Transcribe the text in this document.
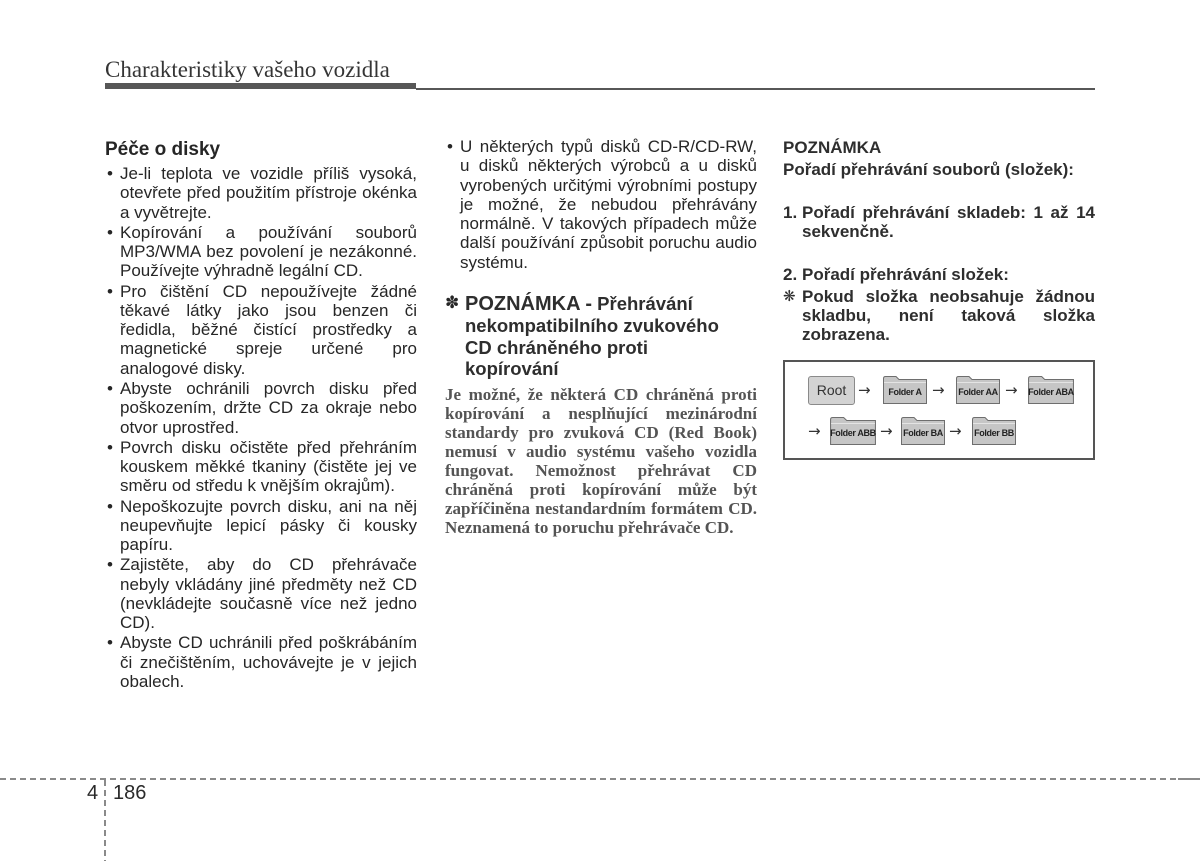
Charakteristiky vašeho vozidla
Péče o disky
• Je-li teplota ve vozidle příliš vysoká, otevřete před použitím přístroje okénka a vyvětrejte.
• Kopírování a používání souborů MP3/WMA bez povolení je nezákonné. Používejte výhradně legální CD.
• Pro čištění CD nepoužívejte žádné těkavé látky jako jsou benzen či ředidla, běžné čistící prostředky a magnetické spreje určené pro analogové disky.
• Abyste ochránili povrch disku před poškozením, držte CD za okraje nebo otvor uprostřed.
• Povrch disku očistěte před přehráním kouskem měkké tkaniny (čistěte jej ve směru od středu k vnějším okrajům).
• Nepoškozujte povrch disku, ani na něj neupevňujte lepicí pásky či kousky papíru.
• Zajistěte, aby do CD přehrávače nebyly vkládány jiné předměty než CD (nevkládejte současně více než jedno CD).
• Abyste CD uchránili před poškrábáním či znečištěním, uchovávejte je v jejich obalech.
• U některých typů disků CD-R/CD-RW, u disků některých výrobců a u disků vyrobených určitými výrobními postupy je možné, že nebudou přehrávány normálně. V takových případech může další používání způsobit poruchu audio systému.
✽ POZNÁMKA - Přehrávání nekompatibilního zvukového CD chráněného proti kopírování

Je možné, že některá CD chráněná proti kopírování a nesplňující mezinárodní standardy pro zvuková CD (Red Book) nemusí v audio systému vašeho vozidla fungovat. Nemožnost přehrávat CD chráněná proti kopírování může být zapříčiněna nestandardním formátem CD. Neznamená to poruchu přehrávače CD.

POZNÁMKA

Pořadí přehrávání souborů (složek):

1. Pořadí přehrávání skladeb: 1 až 14 sekvenčně.

2. Pořadí přehrávání složek:

❋ Pokud složka neobsahuje žádnou skladbu, není taková složka zobrazena.

Root →	Folder A →	Folder AA → Folder ABA
→ Folder ABB →	Folder BA →	Folder BB
4 186
